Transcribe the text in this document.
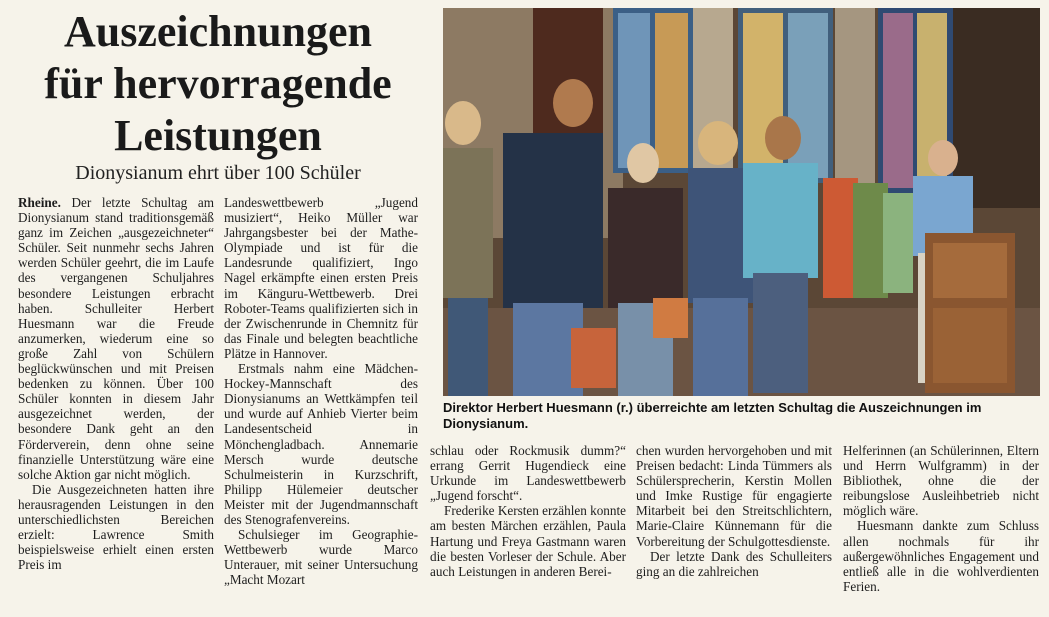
Auszeichnungen
für hervorragende
Leistungen
Dionysianum ehrt über 100 Schüler

Rheine. Der letzte Schultag am Dionysianum stand traditionsgemäß ganz im Zeichen „ausgezeichneter“ Schüler. Seit nunmehr sechs Jahren werden Schüler geehrt, die im Laufe des vergangenen Schuljahres besondere Leistungen erbracht haben. Schulleiter Herbert Huesmann war die Freude anzumerken, wiederum eine so große Zahl von Schülern beglückwünschen und mit Preisen bedenken zu können. Über 100 Schüler konnten in diesem Jahr ausgezeichnet werden, der besondere Dank geht an den Förderverein, denn ohne seine finanzielle Unterstützung wäre eine solche Aktion gar nicht möglich.

Die Ausgezeichneten hatten ihre herausragenden Leistungen in den unterschiedlichsten Bereichen erzielt: Lawrence Smith beispielsweise erhielt einen ersten Preis im

Landeswettbewerb „Jugend musiziert“, Heiko Müller war Jahrgangsbester bei der Mathe-Olympiade und ist für die Landesrunde qualifiziert, Ingo Nagel erkämpfte einen ersten Preis im Känguru-Wettbewerb. Drei Roboter-Teams qualifizierten sich in der Zwischenrunde in Chemnitz für das Finale und belegten beachtliche Plätze in Hannover.

Erstmals nahm eine Mädchen-Hockey-Mannschaft des Dionysianums an Wettkämpfen teil und wurde auf Anhieb Vierter beim Landesentscheid in Mönchengladbach. Annemarie Mersch wurde deutsche Schulmeisterin in Kurzschrift, Philipp Hülemeier deutscher Meister mit der Jugendmannschaft des Stenografenvereins.

Schulsieger im Geographie-Wettbewerb wurde Marco Unterauer, mit seiner Untersuchung „Macht Mozart

Direktor Herbert Huesmann (r.) überreichte am letzten Schultag die Auszeichnungen im Dionysianum.

schlau oder Rockmusik dumm?“ errang Gerrit Hugendieck eine Urkunde im Landeswettbewerb „Jugend forscht“.

Frederike Kersten erzählen konnte am besten Märchen erzählen, Paula Hartung und Freya Gastmann waren die besten Vorleser der Schule. Aber auch Leistungen in anderen Berei-

chen wurden hervorgehoben und mit Preisen bedacht: Linda Tümmers als Schülersprecherin, Kerstin Mollen und Imke Rustige für engagierte Mitarbeit bei den Streitschlichtern, Marie-Claire Künnemann für die Vorbereitung der Schulgottesdienste.

Der letzte Dank des Schulleiters ging an die zahlreichen

Helferinnen (an Schülerinnen, Eltern und Herrn Wulfgramm) in der Bibliothek, ohne die der reibungslose Ausleihbetrieb nicht möglich wäre.

Huesmann dankte zum Schluss allen nochmals für ihr außergewöhnliches Engagement und entließ alle in die wohlverdienten Ferien.
